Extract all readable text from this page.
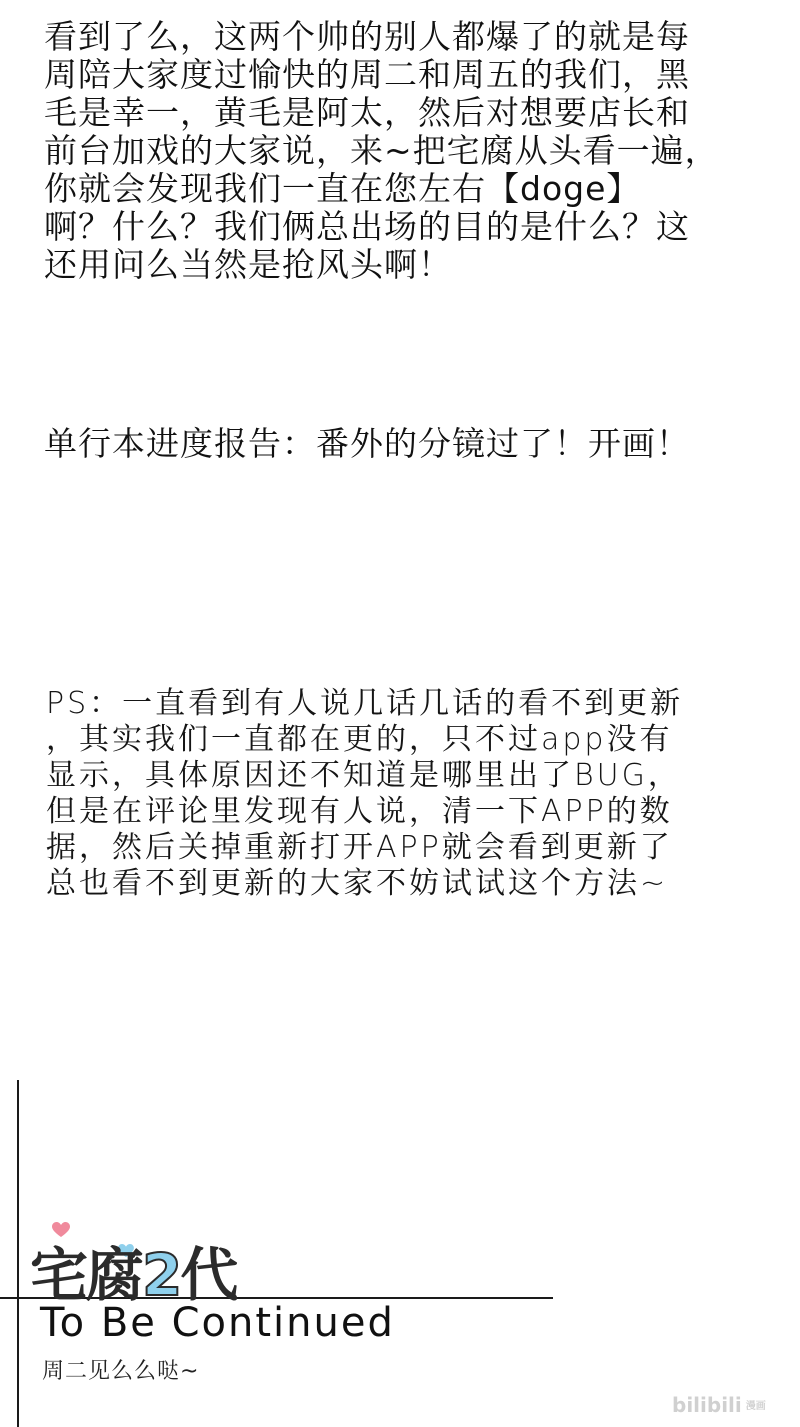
看到了么，这两个帅的别人都爆了的就是每
周陪大家度过愉快的周二和周五的我们，黑
毛是幸一，黄毛是阿太，然后对想要店长和
前台加戏的大家说，来~把宅腐从头看一遍，
你就会发现我们一直在您左右【doge】
啊？什么？我们俩总出场的目的是什么？这
还用问么当然是抢风头啊！

单行本进度报告：番外的分镜过了！开画！

PS：一直看到有人说几话几话的看不到更新
，其实我们一直都在更的，只不过app没有
显示，具体原因还不知道是哪里出了BUG，
但是在评论里发现有人说，清一下APP的数
据，然后关掉重新打开APP就会看到更新了
总也看不到更新的大家不妨试试这个方法~
宅腐2代
To Be Continued
周二见么么哒~
bilibili 漫画
